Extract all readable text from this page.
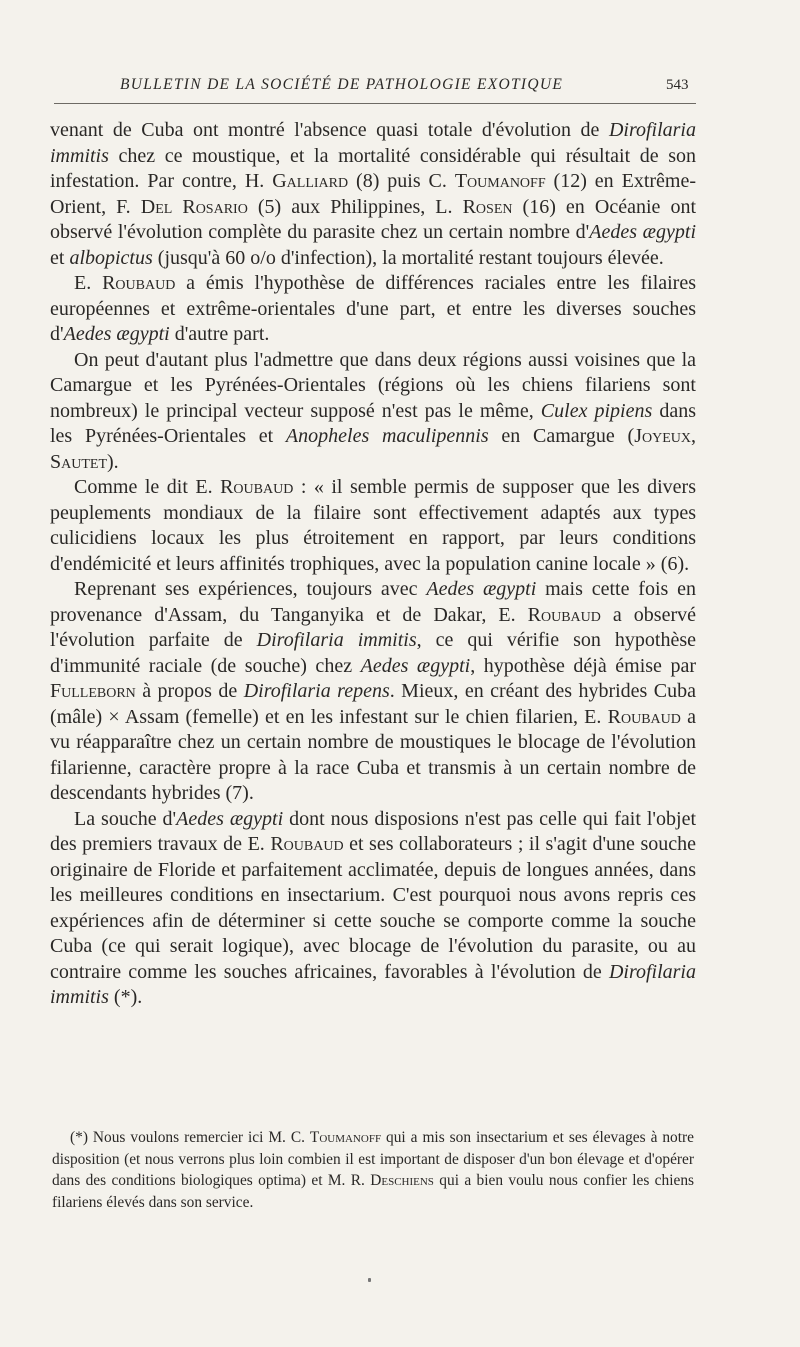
BULLETIN DE LA SOCIÉTÉ DE PATHOLOGIE EXOTIQUE	543

venant de Cuba ont montré l'absence quasi totale d'évolution de Dirofilaria immitis chez ce moustique, et la mortalité considérable qui résultait de son infestation. Par contre, H. Galliard (8) puis C. Toumanoff (12) en Extrême-Orient, F. Del Rosario (5) aux Philippines, L. Rosen (16) en Océanie ont observé l'évolution complète du parasite chez un certain nombre d'Aedes ægypti et albopictus (jusqu'à 60 o/o d'infection), la mortalité restant toujours élevée.

E. Roubaud a émis l'hypothèse de différences raciales entre les filaires européennes et extrême-orientales d'une part, et entre les diverses souches d'Aedes ægypti d'autre part.

On peut d'autant plus l'admettre que dans deux régions aussi voisines que la Camargue et les Pyrénées-Orientales (régions où les chiens filariens sont nombreux) le principal vecteur supposé n'est pas le même, Culex pipiens dans les Pyrénées-Orientales et Anopheles maculipennis en Camargue (Joyeux, Sautet).

Comme le dit E. Roubaud : « il semble permis de supposer que les divers peuplements mondiaux de la filaire sont effectivement adaptés aux types culicidiens locaux les plus étroitement en rapport, par leurs conditions d'endémicité et leurs affinités trophiques, avec la population canine locale » (6).

Reprenant ses expériences, toujours avec Aedes ægypti mais cette fois en provenance d'Assam, du Tanganyika et de Dakar, E. Roubaud a observé l'évolution parfaite de Dirofilaria immitis, ce qui vérifie son hypothèse d'immunité raciale (de souche) chez Aedes ægypti, hypothèse déjà émise par Fulleborn à propos de Dirofilaria repens. Mieux, en créant des hybrides Cuba (mâle) × Assam (femelle) et en les infestant sur le chien filarien, E. Roubaud a vu réapparaître chez un certain nombre de moustiques le blocage de l'évolution filarienne, caractère propre à la race Cuba et transmis à un certain nombre de descendants hybrides (7).

La souche d'Aedes ægypti dont nous disposions n'est pas celle qui fait l'objet des premiers travaux de E. Roubaud et ses collaborateurs ; il s'agit d'une souche originaire de Floride et parfaitement acclimatée, depuis de longues années, dans les meilleures conditions en insectarium. C'est pourquoi nous avons repris ces expériences afin de déterminer si cette souche se comporte comme la souche Cuba (ce qui serait logique), avec blocage de l'évolution du parasite, ou au contraire comme les souches africaines, favorables à l'évolution de Dirofilaria immitis (*).

(*) Nous voulons remercier ici M. C. Toumanoff qui a mis son insectarium et ses élevages à notre disposition (et nous verrons plus loin combien il est important de disposer d'un bon élevage et d'opérer dans des conditions biologiques optima) et M. R. Deschiens qui a bien voulu nous confier les chiens filariens élevés dans son service.
